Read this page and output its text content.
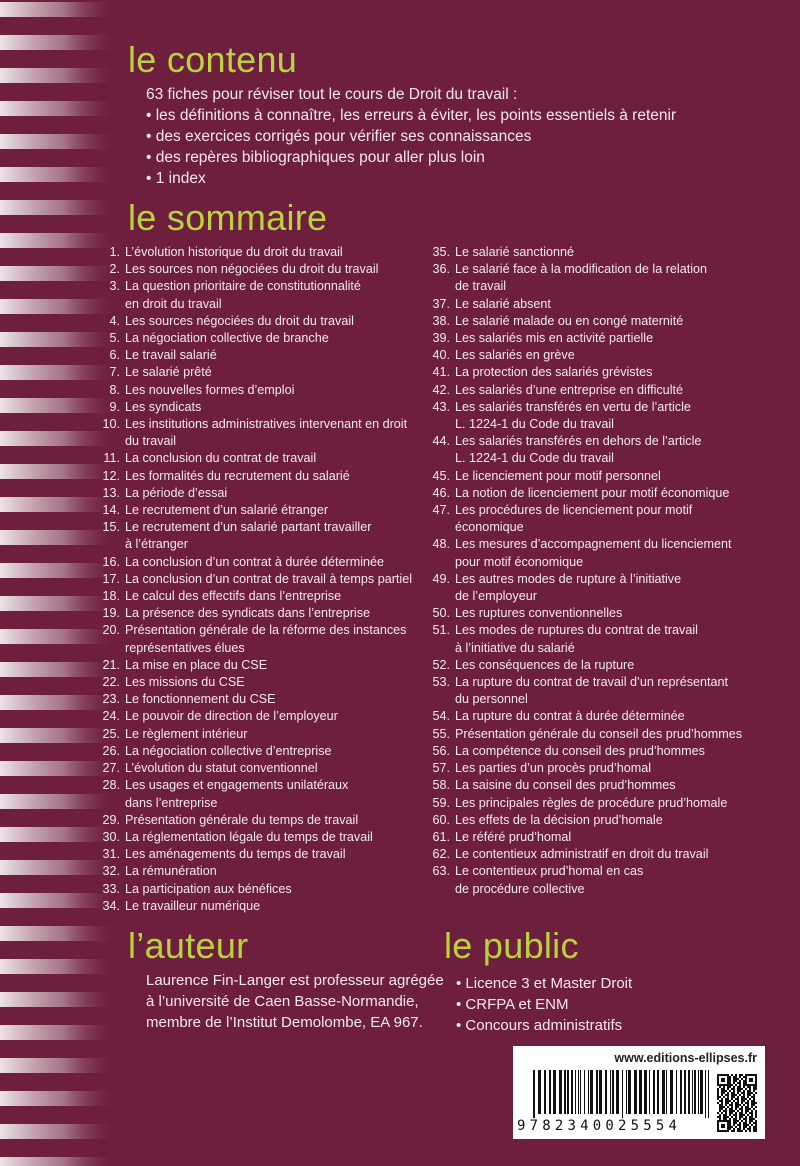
le contenu
63 fiches pour réviser tout le cours de Droit du travail :
• les définitions à connaître, les erreurs à éviter, les points essentiels à retenir
• des exercices corrigés pour vérifier ses connaissances
• des repères bibliographiques pour aller plus loin
• 1 index
le sommaire
1. L’évolution historique du droit du travail
2. Les sources non négociées du droit du travail
3. La question prioritaire de constitutionnalité
en droit du travail
4. Les sources négociées du droit du travail
5. La négociation collective de branche
6. Le travail salarié
7. Le salarié prêté
8. Les nouvelles formes d’emploi
9. Les syndicats
10. Les institutions administratives intervenant en droit
du travail
11. La conclusion du contrat de travail
12. Les formalités du recrutement du salarié
13. La période d’essai
14. Le recrutement d’un salarié étranger
15. Le recrutement d’un salarié partant travailler
à l’étranger
16. La conclusion d’un contrat à durée déterminée
17. La conclusion d’un contrat de travail à temps partiel
18. Le calcul des effectifs dans l’entreprise
19. La présence des syndicats dans l’entreprise
20. Présentation générale de la réforme des instances
représentatives élues
21. La mise en place du CSE
22. Les missions du CSE
23. Le fonctionnement du CSE
24. Le pouvoir de direction de l’employeur
25. Le règlement intérieur
26. La négociation collective d’entreprise
27. L’évolution du statut conventionnel
28. Les usages et engagements unilatéraux
dans l’entreprise
29. Présentation générale du temps de travail
30. La réglementation légale du temps de travail
31. Les aménagements du temps de travail
32. La rémunération
33. La participation aux bénéfices
34. Le travailleur numérique
35. Le salarié sanctionné
36. Le salarié face à la modification de la relation
de travail
37. Le salarié absent
38. Le salarié malade ou en congé maternité
39. Les salariés mis en activité partielle
40. Les salariés en grève
41. La protection des salariés grévistes
42. Les salariés d’une entreprise en difficulté
43. Les salariés transférés en vertu de l’article
L. 1224-1 du Code du travail
44. Les salariés transférés en dehors de l’article
L. 1224-1 du Code du travail
45. Le licenciement pour motif personnel
46. La notion de licenciement pour motif économique
47. Les procédures de licenciement pour motif
économique
48. Les mesures d’accompagnement du licenciement
pour motif économique
49. Les autres modes de rupture à l’initiative
de l’employeur
50. Les ruptures conventionnelles
51. Les modes de ruptures du contrat de travail
à l’initiative du salarié
52. Les conséquences de la rupture
53. La rupture du contrat de travail d’un représentant
du personnel
54. La rupture du contrat à durée déterminée
55. Présentation générale du conseil des prud’hommes
56. La compétence du conseil des prud’hommes
57. Les parties d’un procès prud’homal
58. La saisine du conseil des prud’hommes
59. Les principales règles de procédure prud’homale
60. Les effets de la décision prud’homale
61. Le référé prud’homal
62. Le contentieux administratif en droit du travail
63. Le contentieux prud’homal en cas
de procédure collective
l’auteur
Laurence Fin-Langer est professeur agrégée
à l’université de Caen Basse-Normandie,
membre de l’Institut Demolombe, EA 967.
le public
• Licence 3 et Master Droit
• CRFPA et ENM
• Concours administratifs
www.editions-ellipses.fr
9782340025554
